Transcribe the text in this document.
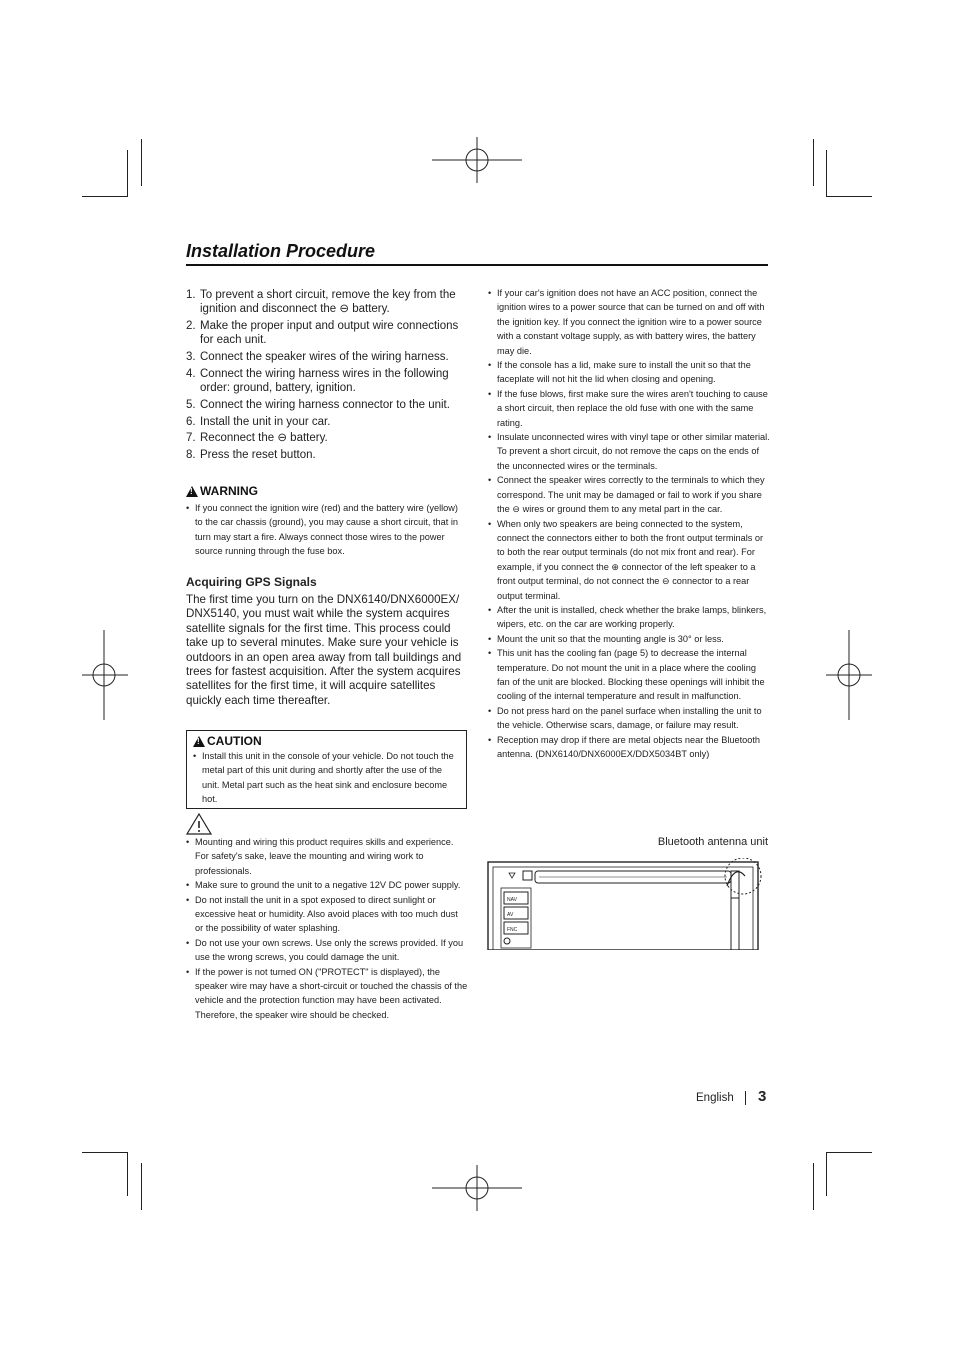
Installation Procedure
1. To prevent a short circuit, remove the key from the ignition and disconnect the ⊖ battery.
2. Make the proper input and output wire connections for each unit.
3. Connect the speaker wires of the wiring harness.
4. Connect the wiring harness wires in the following order: ground, battery, ignition.
5. Connect the wiring harness connector to the unit.
6. Install the unit in your car.
7. Reconnect the ⊖ battery.
8. Press the reset button.
!
WARNING
• If you connect the ignition wire (red) and the battery wire (yellow) to the car chassis (ground), you may cause a short circuit, that in turn may start a fire. Always connect those wires to the power source running through the fuse box.
Acquiring GPS Signals
The first time you turn on the DNX6140/DNX6000EX/ DNX5140, you must wait while the system acquires satellite signals for the first time. This process could take up to several minutes. Make sure your vehicle is outdoors in an open area away from tall buildings and trees for fastest acquisition. After the system acquires satellites for the first time, it will acquire satellites quickly each time thereafter.
!
CAUTION
• Install this unit in the console of your vehicle. Do not touch the metal part of this unit during and shortly after the use of the unit. Metal part such as the heat sink and enclosure become hot.
• Mounting and wiring this product requires skills and experience. For safety's sake, leave the mounting and wiring work to professionals.
• Make sure to ground the unit to a negative 12V DC power supply.
• Do not install the unit in a spot exposed to direct sunlight or excessive heat or humidity. Also avoid places with too much dust or the possibility of water splashing.
• Do not use your own screws. Use only the screws provided. If you use the wrong screws, you could damage the unit.
• If the power is not turned ON ("PROTECT" is displayed), the speaker wire may have a short-circuit or touched the chassis of the vehicle and the protection function may have been activated. Therefore, the speaker wire should be checked.
• If your car's ignition does not have an ACC position, connect the ignition wires to a power source that can be turned on and off with the ignition key. If you connect the ignition wire to a power source with a constant voltage supply, as with battery wires, the battery may die.
• If the console has a lid, make sure to install the unit so that the faceplate will not hit the lid when closing and opening.
• If the fuse blows, first make sure the wires aren't touching to cause a short circuit, then replace the old fuse with one with the same rating.
• Insulate unconnected wires with vinyl tape or other similar material. To prevent a short circuit, do not remove the caps on the ends of the unconnected wires or the terminals.
• Connect the speaker wires correctly to the terminals to which they correspond. The unit may be damaged or fail to work if you share the ⊖ wires or ground them to any metal part in the car.
• When only two speakers are being connected to the system, connect the connectors either to both the front output terminals or to both the rear output terminals (do not mix front and rear). For example, if you connect the ⊕ connector of the left speaker to a front output terminal, do not connect the ⊖ connector to a rear output terminal.
• After the unit is installed, check whether the brake lamps, blinkers, wipers, etc. on the car are working properly.
• Mount the unit so that the mounting angle is 30° or less.
• This unit has the cooling fan (page 5) to decrease the internal temperature. Do not mount the unit in a place where the cooling fan of the unit are blocked. Blocking these openings will inhibit the cooling of the internal temperature and result in malfunction.
• Do not press hard on the panel surface when installing the unit to the vehicle. Otherwise scars, damage, or failure may result.
• Reception may drop if there are metal objects near the Bluetooth antenna. (DNX6140/DNX6000EX/DDX5034BT only)
Bluetooth antenna unit
NAV
AV
FNC
English 3
